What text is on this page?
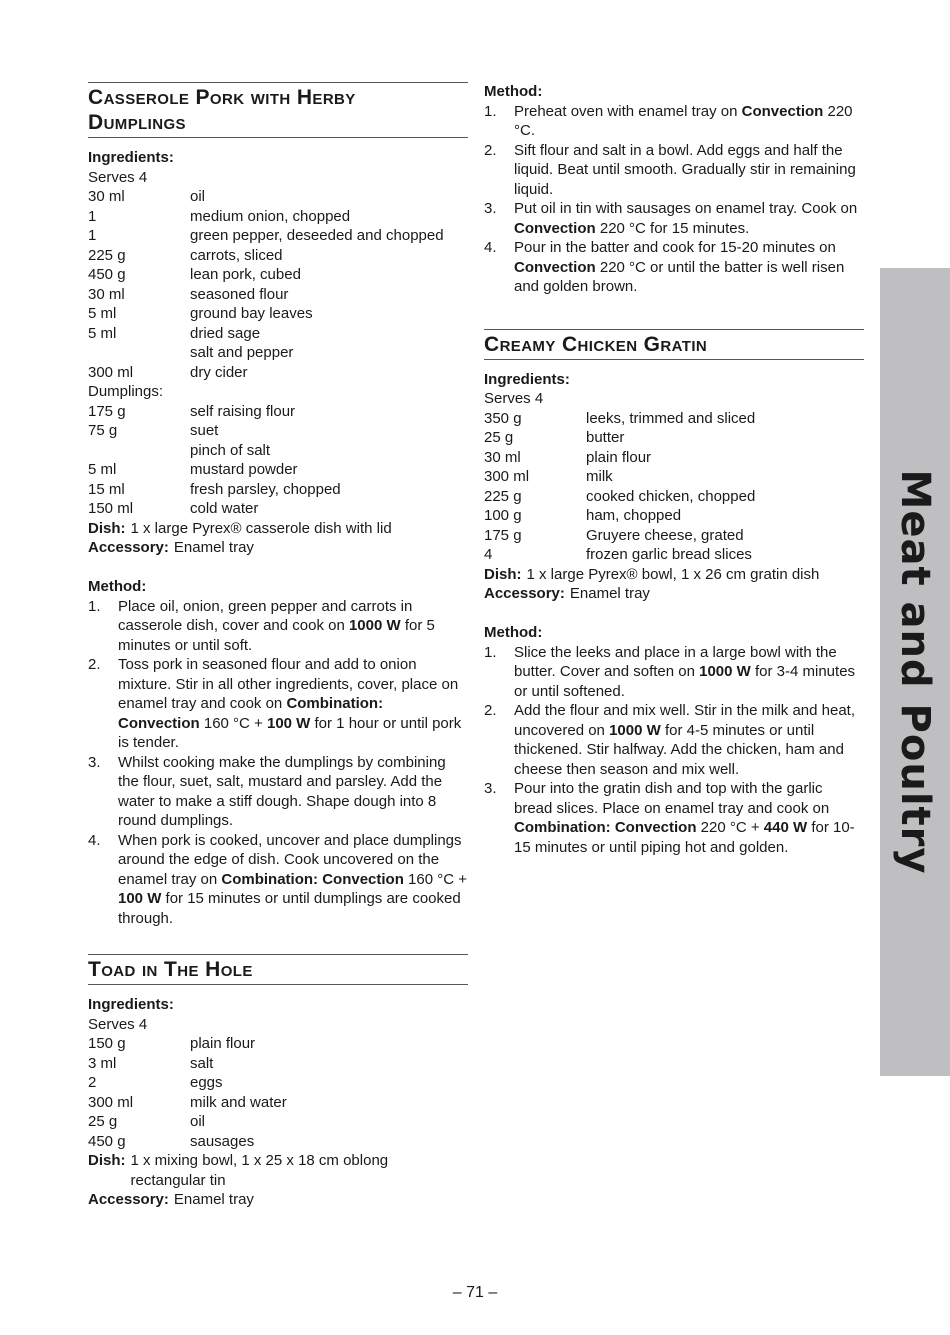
Casserole Pork with Herby
Dumplings
Ingredients:
Serves 4
30 ml	oil
1	medium onion, chopped
1	green pepper, deseeded and chopped
225 g	carrots, sliced
450 g	lean pork, cubed
30 ml	seasoned flour
5 ml	ground bay leaves
5 ml	dried sage
salt and pepper
300 ml	dry cider
Dumplings:
175 g	self raising flour
75 g	suet
pinch of salt
5 ml	mustard powder
15 ml	fresh parsley, chopped
150 ml	cold water
Dish: 1 x large Pyrex® casserole dish with lid
Accessory: Enamel tray
Method:
1.	Place oil, onion, green pepper and carrots in casserole dish, cover and cook on 1000 W for 5 minutes or until soft.
2.	Toss pork in seasoned flour and add to onion mixture. Stir in all other ingredients, cover, place on enamel tray and cook on Combination: Convection 160 °C + 100 W for 1 hour or until pork is tender.
3.	Whilst cooking make the dumplings by combining the flour, suet, salt, mustard and parsley. Add the water to make a stiff dough. Shape dough into 8 round dumplings.
4.	When pork is cooked, uncover and place dumplings around the edge of dish. Cook uncovered on the enamel tray on Combination: Convection 160 °C + 100 W for 15 minutes or until dumplings are cooked through.
Toad in The Hole
Ingredients:
Serves 4
150 g	plain flour
3 ml	salt
2	eggs
300 ml	milk and water
25 g	oil
450 g	sausages
Dish: 1 x mixing bowl, 1 x 25 x 18 cm oblong rectangular tin
Accessory: Enamel tray
Method:
1.	Preheat oven with enamel tray on Convection 220 °C.
2.	Sift flour and salt in a bowl. Add eggs and half the liquid. Beat until smooth. Gradually stir in remaining liquid.
3.	Put oil in tin with sausages on enamel tray. Cook on Convection 220 °C for 15 minutes.
4.	Pour in the batter and cook for 15-20 minutes on Convection 220 °C or until the batter is well risen and golden brown.
Creamy Chicken Gratin
Ingredients:
Serves 4
350 g	leeks, trimmed and sliced
25 g	butter
30 ml	plain flour
300 ml	milk
225 g	cooked chicken, chopped
100 g	ham, chopped
175 g	Gruyere cheese, grated
4	frozen garlic bread slices
Dish: 1 x large Pyrex® bowl, 1 x 26 cm gratin dish
Accessory: Enamel tray
Method:
1.	Slice the leeks and place in a large bowl with the butter. Cover and soften on 1000 W for 3-4 minutes or until softened.
2.	Add the flour and mix well. Stir in the milk and heat, uncovered on 1000 W for 4-5 minutes or until thickened. Stir halfway. Add the chicken, ham and cheese then season and mix well.
3.	Pour into the gratin dish and top with the garlic bread slices. Place on enamel tray and cook on Combination: Convection 220 °C + 440 W for 10-15 minutes or until piping hot and golden.	Meat and Poultry
– 71 –
